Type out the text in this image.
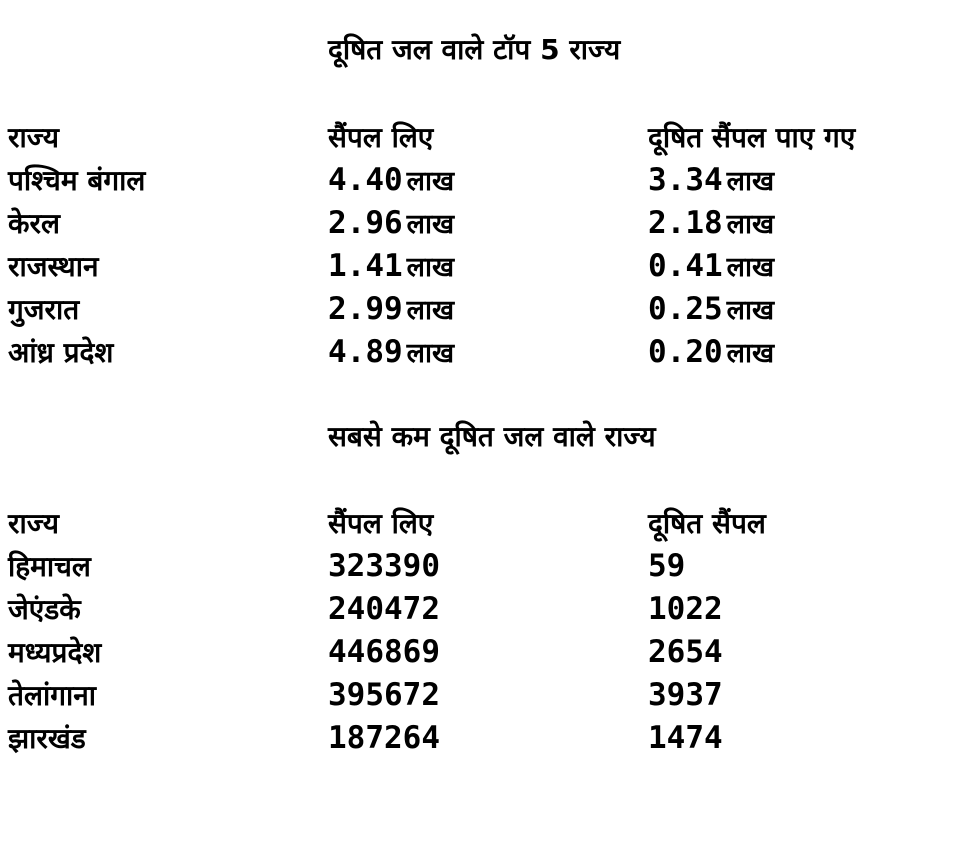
दूषित जल वाले टॉप 5 राज्य
राज्य	सैंपल लिए	दूषित सैंपल पाए गए
पश्चिम बंगाल	4.40 लाख	3.34 लाख
केरल	2.96 लाख	2.18 लाख
राजस्थान	1.41 लाख	0.41 लाख
गुजरात	2.99 लाख	0.25 लाख
आंध्र प्रदेश	4.89 लाख	0.20 लाख
सबसे कम दूषित जल वाले राज्य
राज्य	सैंपल लिए	दूषित सैंपल
हिमाचल	323390	59
जेएंडके	240472	1022
मध्यप्रदेश	446869	2654
तेलांगाना	395672	3937
झारखंड	187264	1474
